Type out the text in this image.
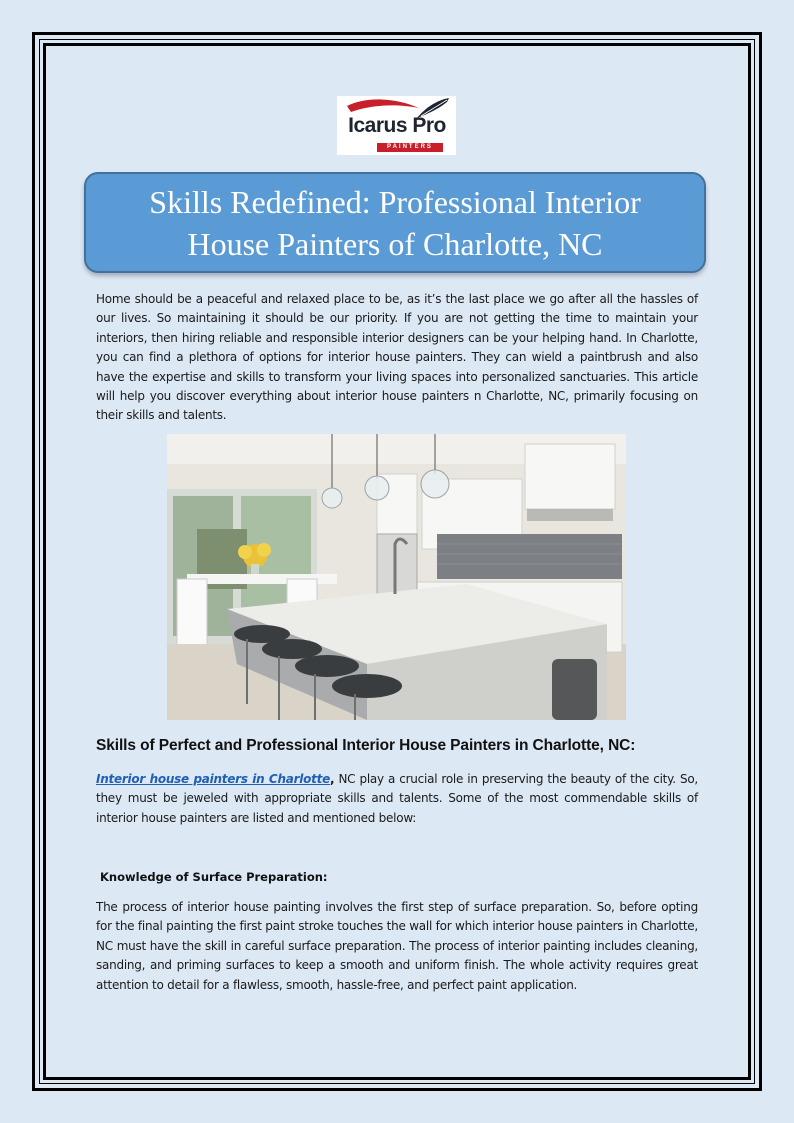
Icarus Pro
PAINTERS
Skills Redefined: Professional Interior House Painters of Charlotte, NC

Home should be a peaceful and relaxed place to be, as it’s the last place we go after all the hassles of our lives. So maintaining it should be our priority. If you are not getting the time to maintain your interiors, then hiring reliable and responsible interior designers can be your helping hand. In Charlotte, you can find a plethora of options for interior house painters. They can wield a paintbrush and also have the expertise and skills to transform your living spaces into personalized sanctuaries. This article will help you discover everything about interior house painters n Charlotte, NC, primarily focusing on their skills and talents.

Skills of Perfect and Professional Interior House Painters in Charlotte, NC:

Interior house painters in Charlotte, NC play a crucial role in preserving the beauty of the city. So, they must be jeweled with appropriate skills and talents. Some of the most commendable skills of interior house painters are listed and mentioned below:

Knowledge of Surface Preparation:

The process of interior house painting involves the first step of surface preparation. So, before opting for the final painting the first paint stroke touches the wall for which interior house painters in Charlotte, NC must have the skill in careful surface preparation. The process of interior painting includes cleaning, sanding, and priming surfaces to keep a smooth and uniform finish. The whole activity requires great attention to detail for a flawless, smooth, hassle-free, and perfect paint application.
